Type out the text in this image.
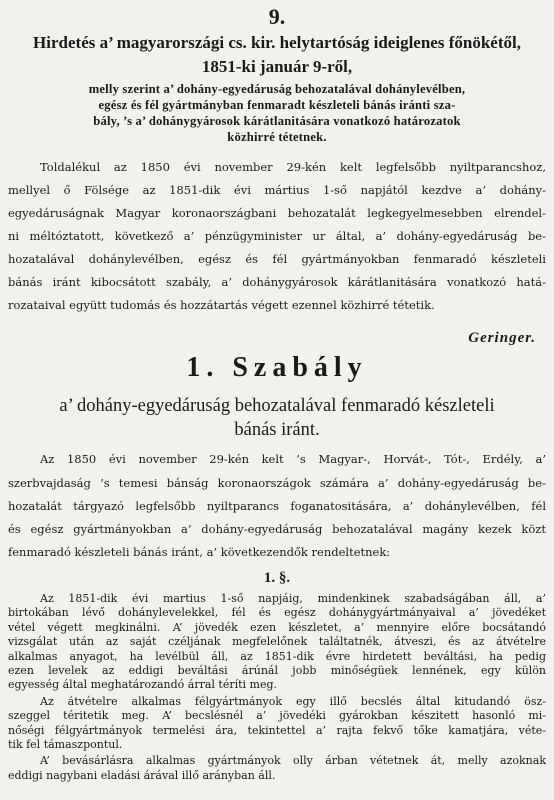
9.

Hirdetés a’ magyarországi cs. kir. helytartóság ideiglenes főnökétől,

1851-ki január 9-ről,

melly szerint a’ dohány-egyedáruság behozatalával dohánylevélben,

egész és fél gyártmányban fenmaradt készleteli bánás iránti sza-

bály, ’s a’ dohánygyárosok kárátlanitására vonatkozó határozatok

közhirré tétetnek.

Toldalékul az 1850 évi november 29-kén kelt legfelsőbb nyiltparancshoz,

mellyel ő Fölsége az 1851-dik évi mártius 1-ső napjától kezdve a’ dohány-

egyedáruságnak Magyar koronaországbani behozatalát legkegyelmesebben elrendel-

ni méltóztatott, következő a’ pénzügyminister ur által, a’ dohány-egyedáruság be-

hozatalával dohánylevélben, egész és fél gyártmányokban fenmaradó készleteli

bánás iránt kibocsátott szabály, a’ dohánygyárosok kárátlanitására vonatkozó hatá-

rozataival együtt tudomás és hozzátartás végett ezennel közhirré tétetik.

Geringer.
1. Szabály

a’ dohány-egyedáruság behozatalával fenmaradó készleteli

bánás iránt.

Az 1850 évi november 29-kén kelt ’s Magyar-, Horvát-, Tót-, Erdély, a’

szerbvajdaság ’s temesi bánság koronaországok számára a’ dohány-egyedáruság be-

hozatalát tárgyazó legfelsőbb nyiltparancs foganatositására, a’ dohánylevélben, fél

és egész gyártmányokban a’ dohány-egyedáruság behozatalával magány kezek közt

fenmaradó készleteli bánás iránt, a’ következendők rendeltetnek:

1. §.

Az 1851-dik évi martius 1-ső napjáig, mindenkinek szabadságában áll, a’

birtokában lévő dohánylevelekkel, fél és egész dohánygyártmányaival a’ jövedéket

vétel végett megkinálni. A’ jövedék ezen készletet, a’ mennyire előre bocsátandó

vizsgálat után az saját czéljának megfelelőnek találtatnék, átveszi, és az átvételre

alkalmas anyagot, ha levélbül áll, az 1851-dik évre hirdetett beváltási, ha pedig

ezen levelek az eddigi beváltási árúnál jobb minőségüek lennének, egy külön

egyesség által meghatározandó árral téríti meg.

Az átvételre alkalmas félgyártmányok egy illő becslés által kitudandó ösz-

szeggel téritetik meg. A’ becslésnél a’ jövedéki gyárokban készitett hasonló mi-

nőségi félgyártmányok termelési ára, tekintettel a’ rajta fekvő tőke kamatjára, véte-

tik fel támaszpontul.

A’ bevásárlásra alkalmas gyártmányok olly árban vétetnek át, melly azoknak

eddigi nagybani eladási árával illő arányban áll.
